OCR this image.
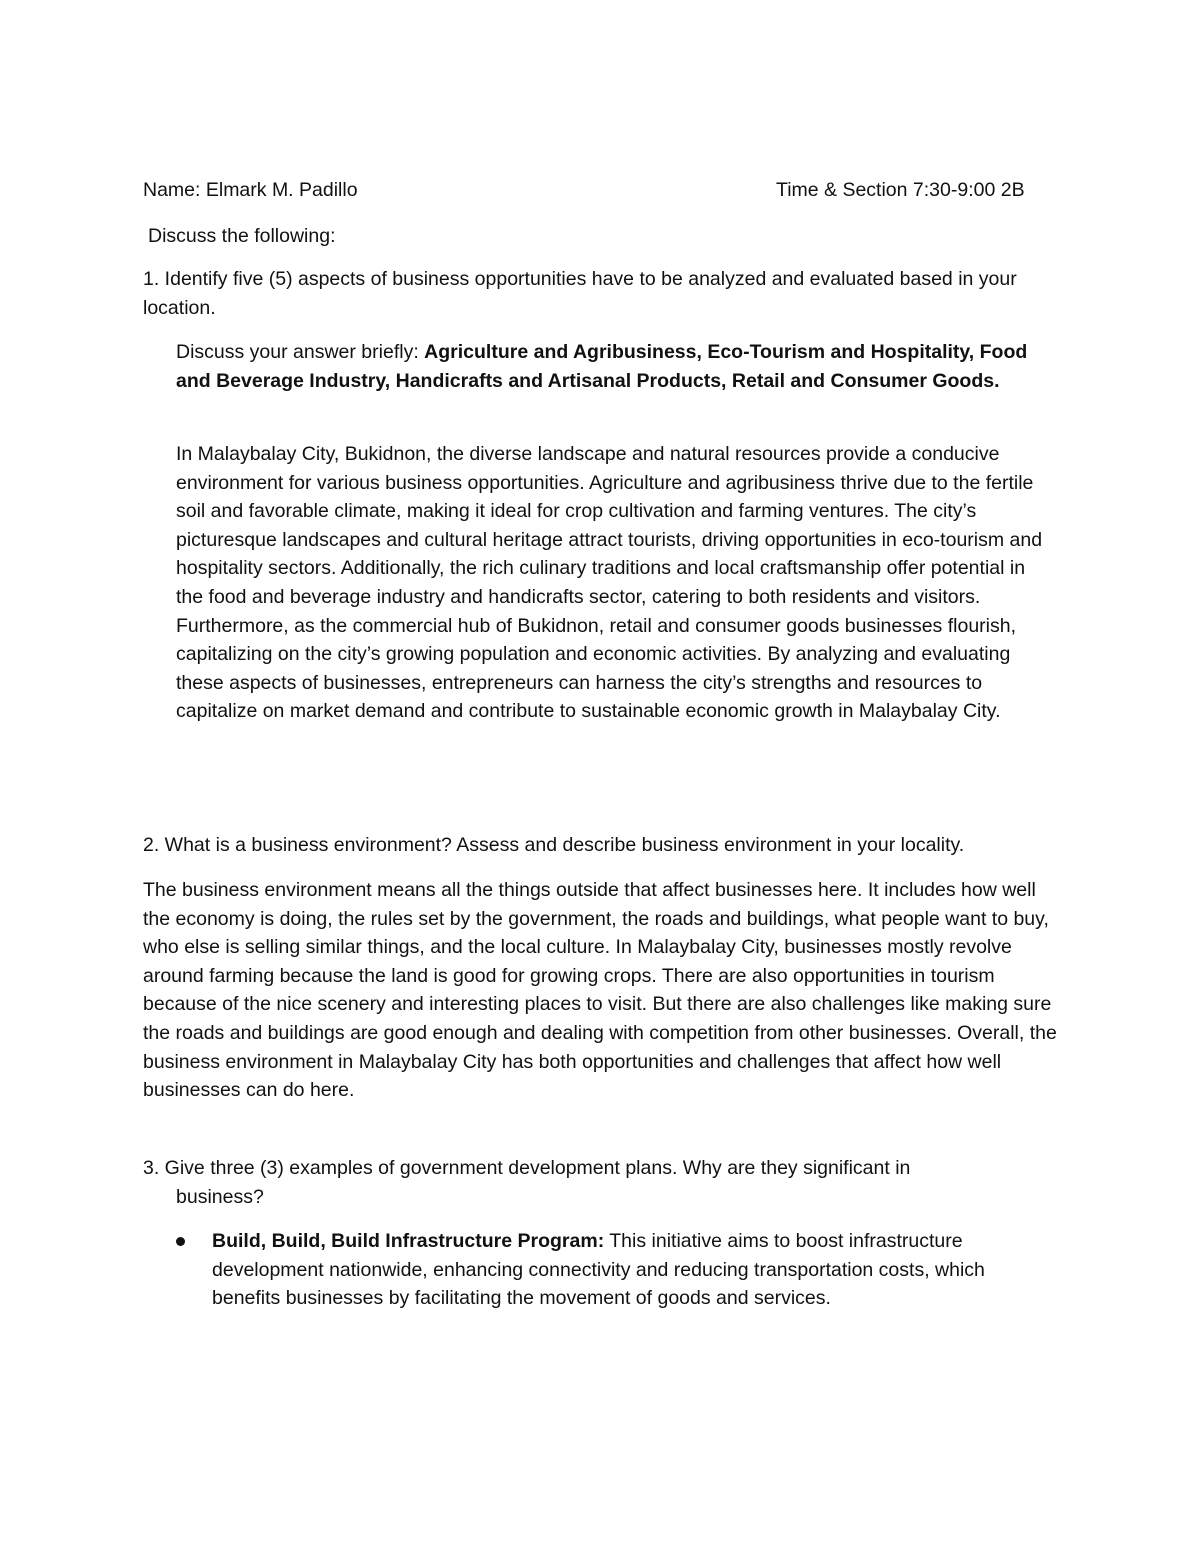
Name: Elmark M. Padillo	Time & Section 7:30-9:00 2B

Discuss the following:

1. Identify five (5) aspects of business opportunities have to be analyzed and evaluated based in your location.

Discuss your answer briefly: Agriculture and Agribusiness, Eco-Tourism and Hospitality, Food and Beverage Industry, Handicrafts and Artisanal Products, Retail and Consumer Goods.

In Malaybalay City, Bukidnon, the diverse landscape and natural resources provide a conducive environment for various business opportunities. Agriculture and agribusiness thrive due to the fertile soil and favorable climate, making it ideal for crop cultivation and farming ventures. The city’s picturesque landscapes and cultural heritage attract tourists, driving opportunities in eco-tourism and hospitality sectors. Additionally, the rich culinary traditions and local craftsmanship offer potential in the food and beverage industry and handicrafts sector, catering to both residents and visitors. Furthermore, as the commercial hub of Bukidnon, retail and consumer goods businesses flourish, capitalizing on the city’s growing population and economic activities. By analyzing and evaluating these aspects of businesses, entrepreneurs can harness the city’s strengths and resources to capitalize on market demand and contribute to sustainable economic growth in Malaybalay City.

2. What is a business environment? Assess and describe business environment in your locality.

The business environment means all the things outside that affect businesses here. It includes how well the economy is doing, the rules set by the government, the roads and buildings, what people want to buy, who else is selling similar things, and the local culture. In Malaybalay City, businesses mostly revolve around farming because the land is good for growing crops. There are also opportunities in tourism because of the nice scenery and interesting places to visit. But there are also challenges like making sure the roads and buildings are good enough and dealing with competition from other businesses. Overall, the business environment in Malaybalay City has both opportunities and challenges that affect how well businesses can do here.

3. Give three (3) examples of government development plans. Why are they significant in
business?

Build, Build, Build Infrastructure Program: This initiative aims to boost infrastructure development nationwide, enhancing connectivity and reducing transportation costs, which benefits businesses by facilitating the movement of goods and services.
